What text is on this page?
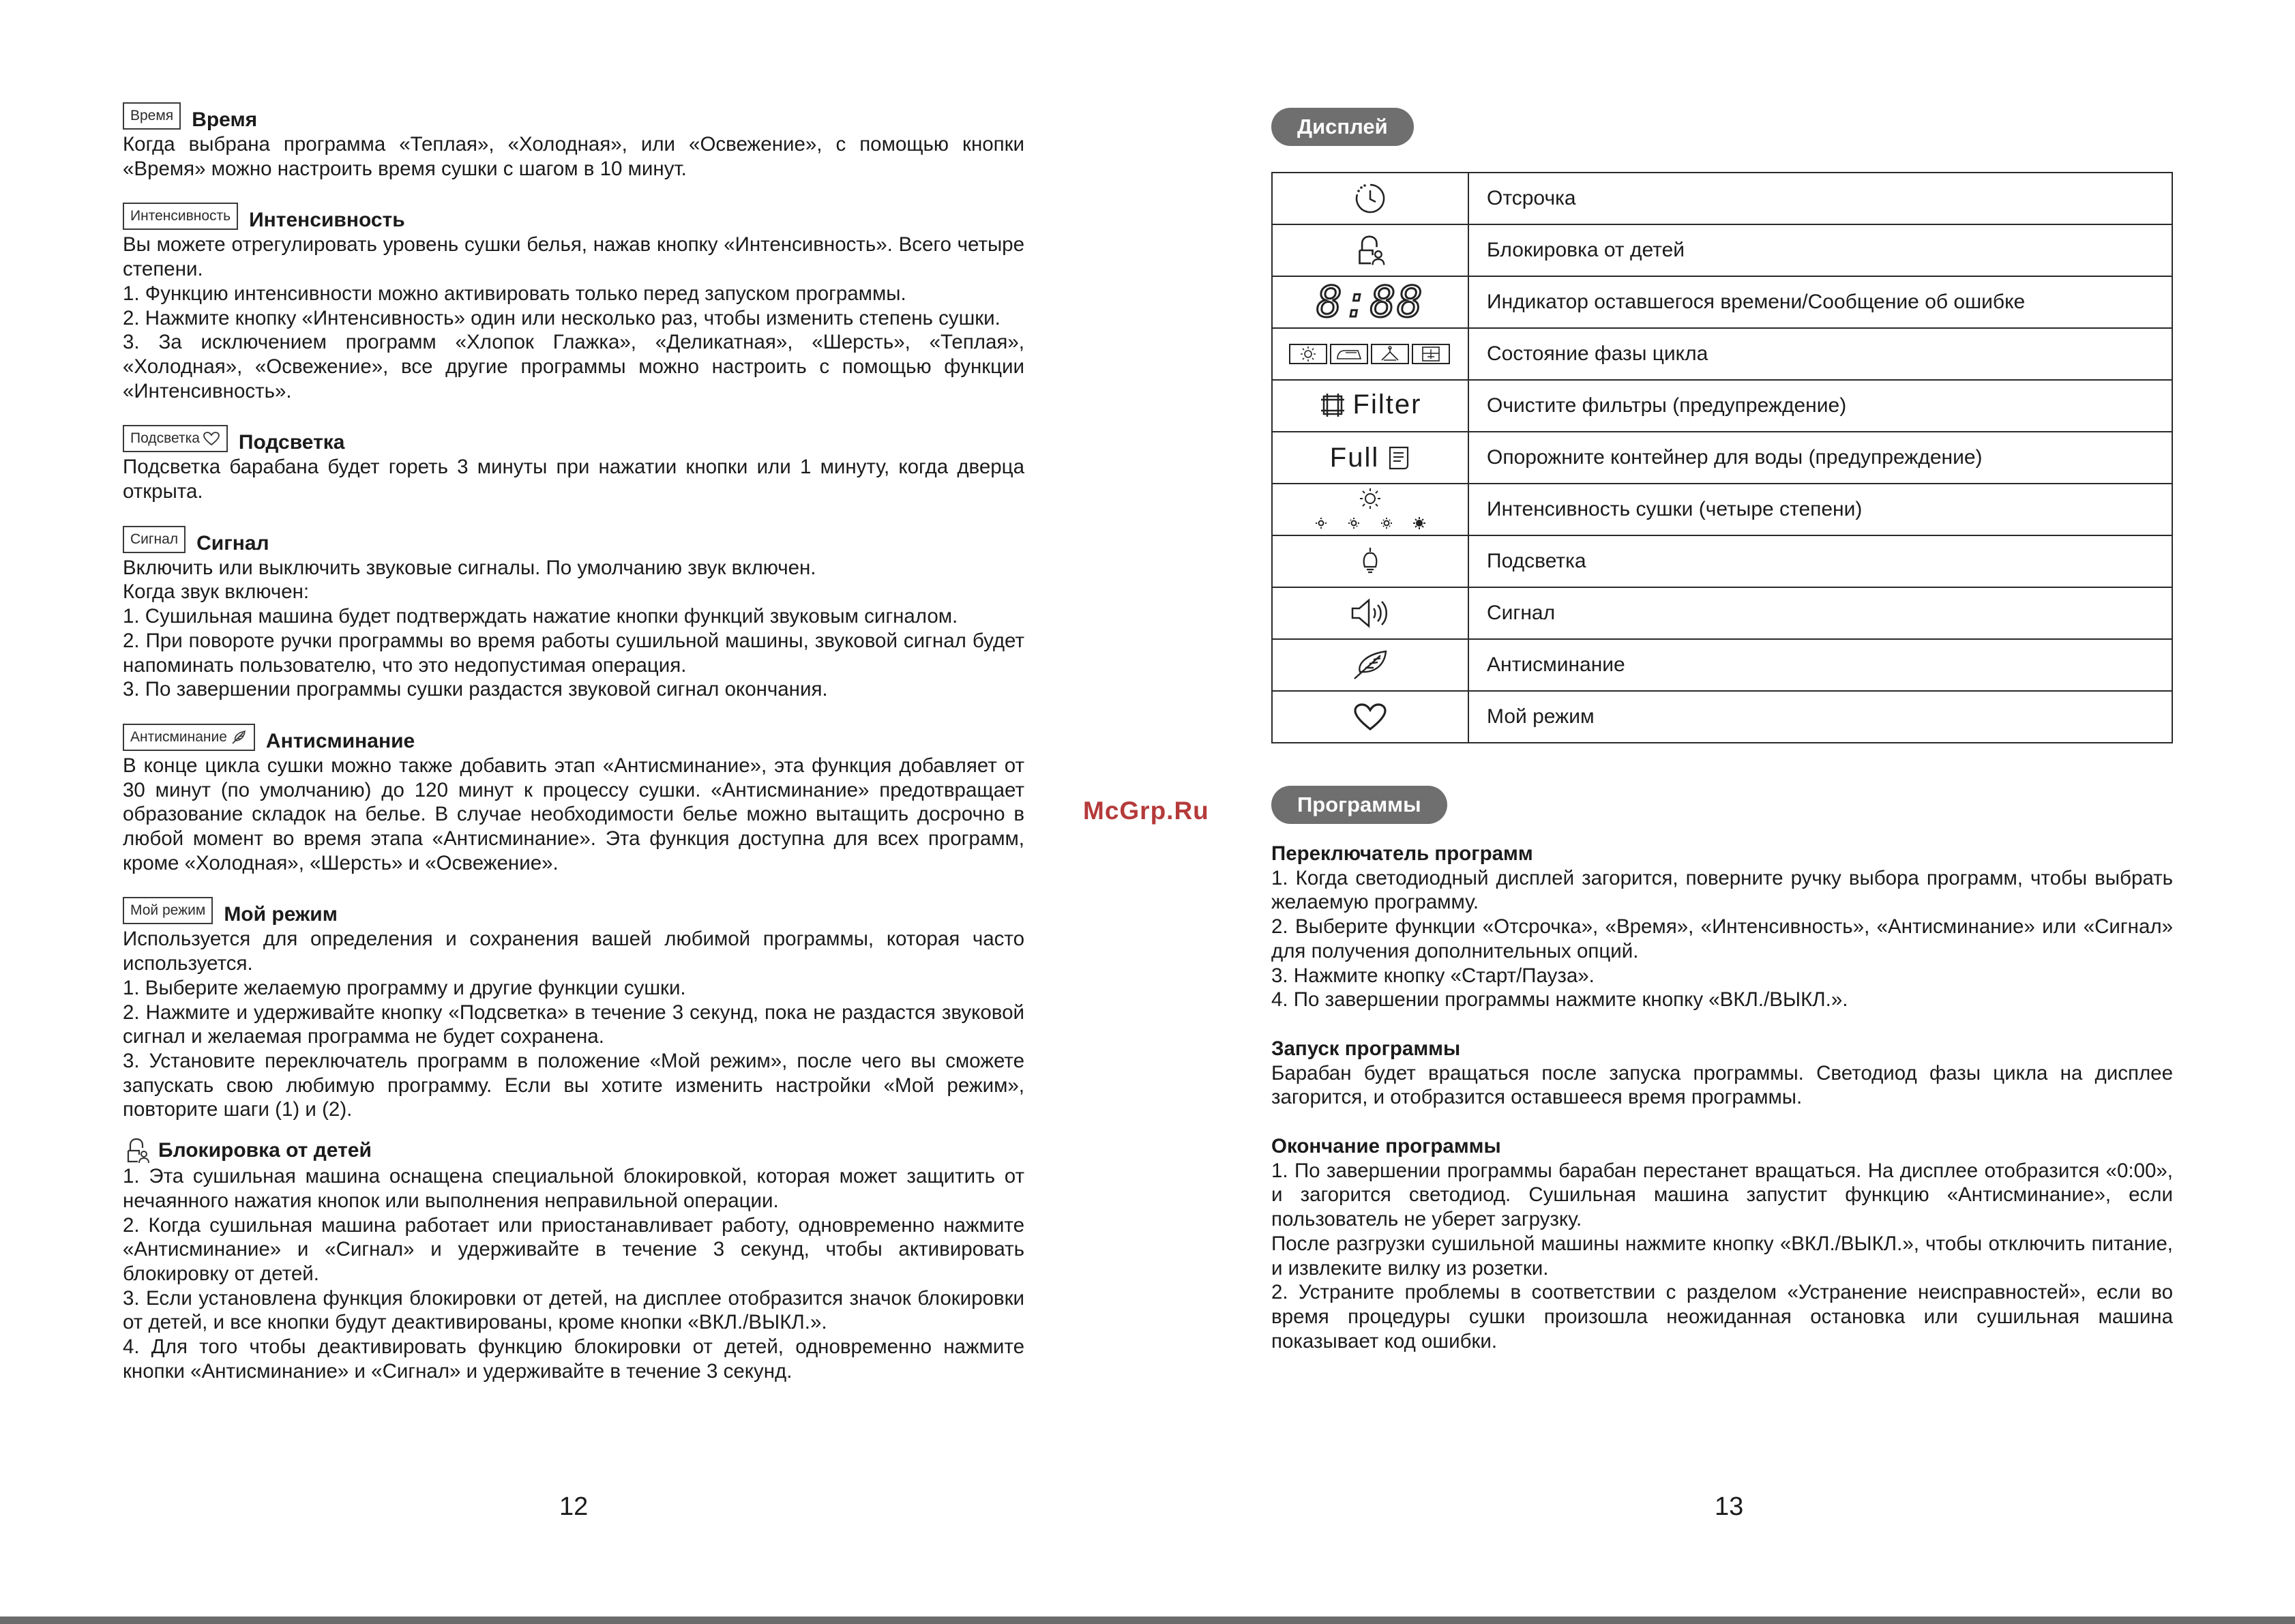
Время Время

Когда выбрана программа «Теплая», «Холодная», или «Освежение», с помощью кнопки «Время» можно настроить время сушки с шагом в 10 минут.

Интенсивность Интенсивность

Вы можете отрегулировать уровень сушки белья, нажав кнопку «Интенсивность». Всего четыре степени.

1. Функцию интенсивности можно активировать только перед запуском программы.

2. Нажмите кнопку «Интенсивность» один или несколько раз, чтобы изменить степень сушки.

3. За исключением программ «Хлопок Глажка», «Деликатная», «Шерсть», «Теплая», «Холодная», «Освежение», все другие программы можно настроить с помощью функции «Интенсивность».

Подсветка Подсветка

Подсветка барабана будет гореть 3 минуты при нажатии кнопки или 1 минуту, когда дверца открыта.

Сигнал Сигнал

Включить или выключить звуковые сигналы. По умолчанию звук включен.

Когда звук включен:

1. Сушильная машина будет подтверждать нажатие кнопки функций звуковым сигналом.

2. При повороте ручки программы во время работы сушильной машины, звуковой сигнал будет напоминать пользователю, что это недопустимая операция.

3. По завершении программы сушки раздастся звуковой сигнал окончания.

Антисминание Антисминание

В конце цикла сушки можно также добавить этап «Антисминание», эта функция добавляет от 30 минут (по умолчанию) до 120 минут к процессу сушки. «Антисминание» предотвращает образование складок на белье. В случае необходимости белье можно вытащить досрочно в любой момент во время этапа «Антисминание». Эта функция доступна для всех программ, кроме «Холодная», «Шерсть» и «Освежение».

Мой режим Мой режим

Используется для определения и сохранения вашей любимой программы, которая часто используется.

1. Выберите желаемую программу и другие функции сушки.

2. Нажмите и удерживайте кнопку «Подсветка» в течение 3 секунд, пока не раздастся звуковой сигнал и желаемая программа не будет сохранена.

3. Установите переключатель программ в положение «Мой режим», после чего вы сможете запускать свою любимую программу. Если вы хотите изменить настройки «Мой режим», повторите шаги (1) и (2).

Блокировка от детей

1. Эта сушильная машина оснащена специальной блокировкой, которая может защитить от нечаянного нажатия кнопок или выполнения неправильной операции.

2. Когда сушильная машина работает или приостанавливает работу, одновременно нажмите «Антисминание» и «Сигнал» и удерживайте в течение 3 секунд, чтобы активировать блокировку от детей.

3. Если установлена функция блокировки от детей, на дисплее отобразится значок блокировки от детей, и все кнопки будут деактивированы, кроме кнопки «ВКЛ./ВЫКЛ.».

4. Для того чтобы деактивировать функцию блокировки от детей, одновременно нажмите кнопки «Антисминание» и «Сигнал» и удерживайте в течение 3 секунд.

12
McGrp.Ru
Дисплей
	Отсрочка

	Блокировка от детей
8:88	Индикатор оставшегося времени/Сообщение об ошибке

	Состояние фазы цикла

Filter	Очистите фильтры (предупреждение)

Full	Опорожните контейнер для воды (предупреждение)

	Интенсивность сушки (четыре степени)

	Подсветка

	Сигнал

	Антисминание

	Мой режим
Программы

Переключатель программ

1. Когда светодиодный дисплей загорится, поверните ручку выбора программ, чтобы выбрать желаемую программу.

2. Выберите функции «Отсрочка», «Время», «Интенсивность», «Антисминание» или «Сигнал» для получения дополнительных опций.

3. Нажмите кнопку «Старт/Пауза».

4. По завершении программы нажмите кнопку «ВКЛ./ВЫКЛ.».

Запуск программы

Барабан будет вращаться после запуска программы. Светодиод фазы цикла на дисплее загорится, и отобразится оставшееся время программы.

Окончание программы

1. По завершении программы барабан перестанет вращаться. На дисплее отобразится «0:00», и загорится светодиод. Сушильная машина запустит функцию «Антисминание», если пользователь не уберет загрузку.

После разгрузки сушильной машины нажмите кнопку «ВКЛ./ВЫКЛ.», чтобы отключить питание, и извлеките вилку из розетки.

2. Устраните проблемы в соответствии с разделом «Устранение неисправностей», если во время процедуры сушки произошла неожиданная остановка или сушильная машина показывает код ошибки.

13
